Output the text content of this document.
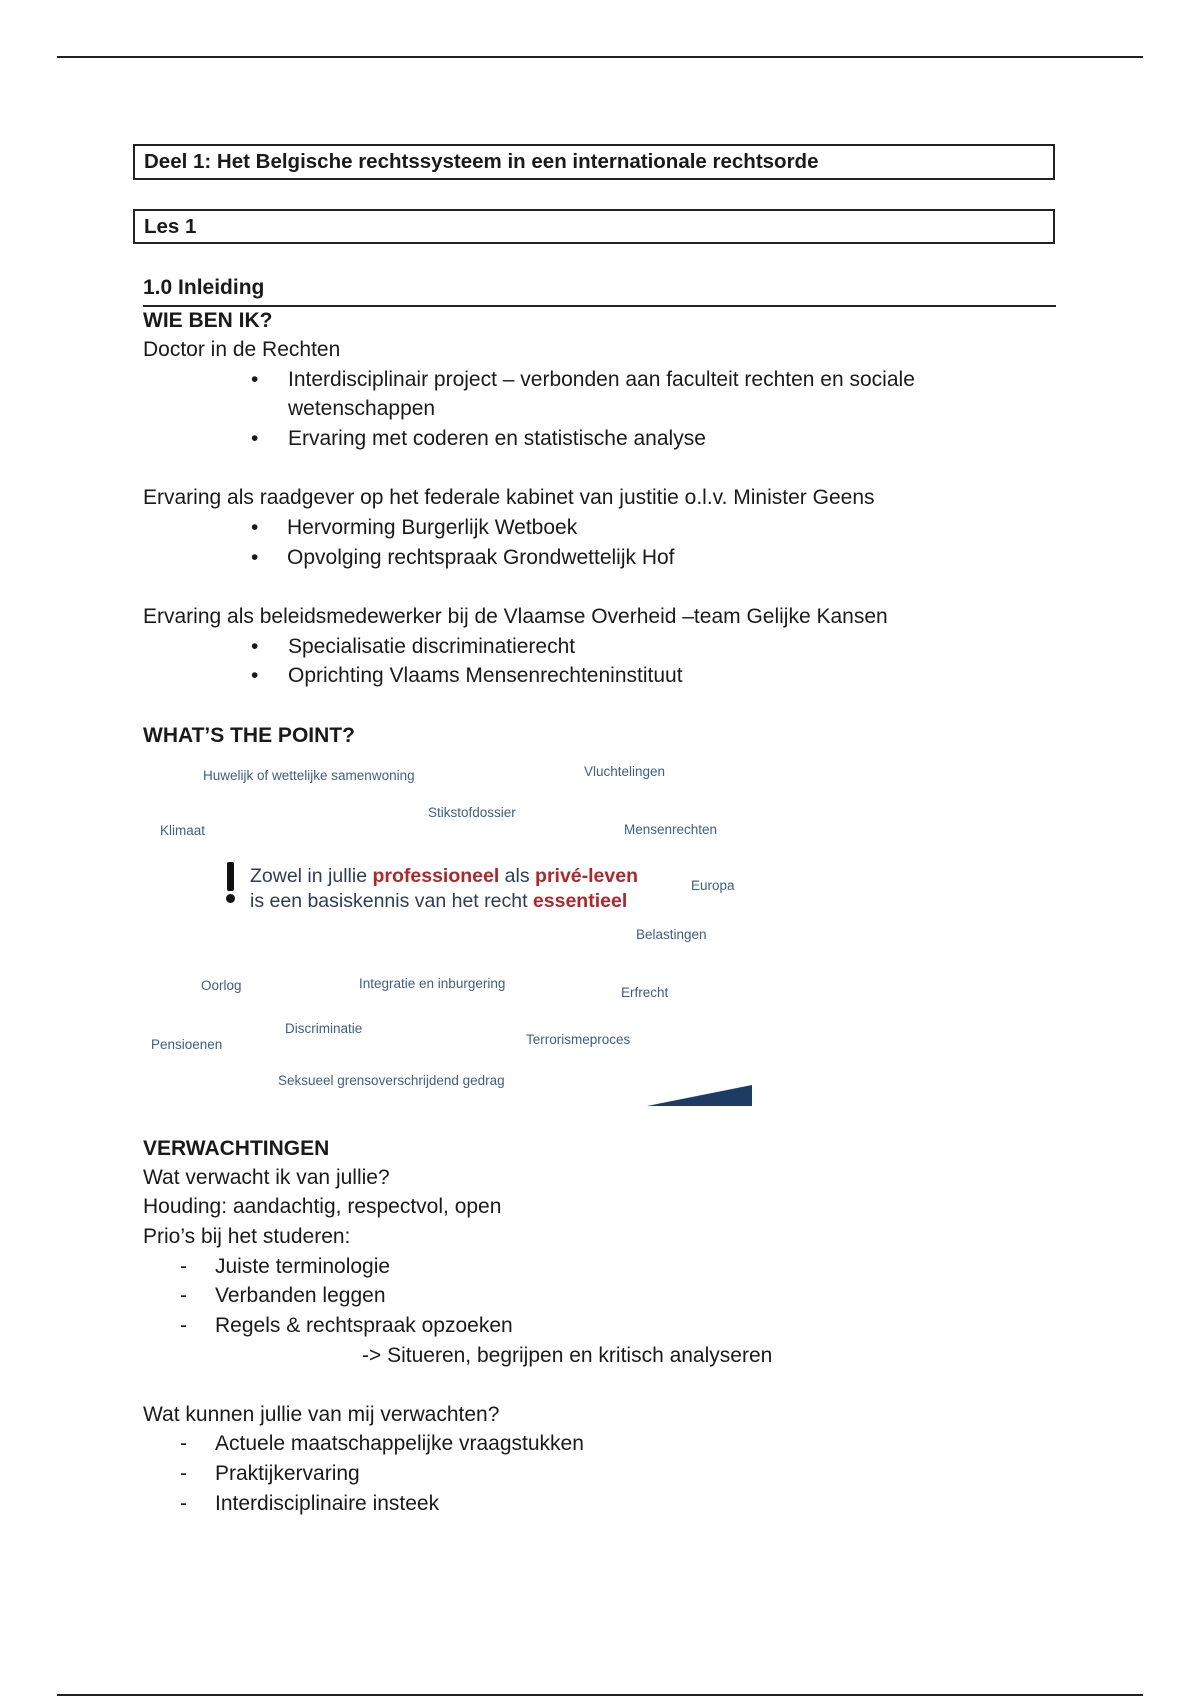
Deel 1: Het Belgische rechtssysteem in een internationale rechtsorde
Les 1
1.0 Inleiding
WIE BEN IK?
Doctor in de Rechten
• Interdisciplinair project – verbonden aan faculteit rechten en sociale
wetenschappen
• Ervaring met coderen en statistische analyse
Ervaring als raadgever op het federale kabinet van justitie o.l.v. Minister Geens
• Hervorming Burgerlijk Wetboek
• Opvolging rechtspraak Grondwettelijk Hof
Ervaring als beleidsmedewerker bij de Vlaamse Overheid –team Gelijke Kansen
• Specialisatie discriminatierecht
• Oprichting Vlaams Mensenrechteninstituut
WHAT’S THE POINT?
Huwelijk of wettelijke samenwoning	Vluchtelingen
Stikstofdossier
Klimaat	Mensenrechten
Europa
Belastingen
Oorlog	Integratie en inburgering
Erfrecht
Discriminatie
Pensioenen	Terrorismeproces
Seksueel grensoverschrijdend gedrag
Zowel in jullie professioneel als privé-leven
is een basiskennis van het recht essentieel
VERWACHTINGEN
Wat verwacht ik van jullie?
Houding: aandachtig, respectvol, open
Prio’s bij het studeren:
- Juiste terminologie
- Verbanden leggen
- Regels & rechtspraak opzoeken
-> Situeren, begrijpen en kritisch analyseren
Wat kunnen jullie van mij verwachten?
- Actuele maatschappelijke vraagstukken
- Praktijkervaring
- Interdisciplinaire insteek
